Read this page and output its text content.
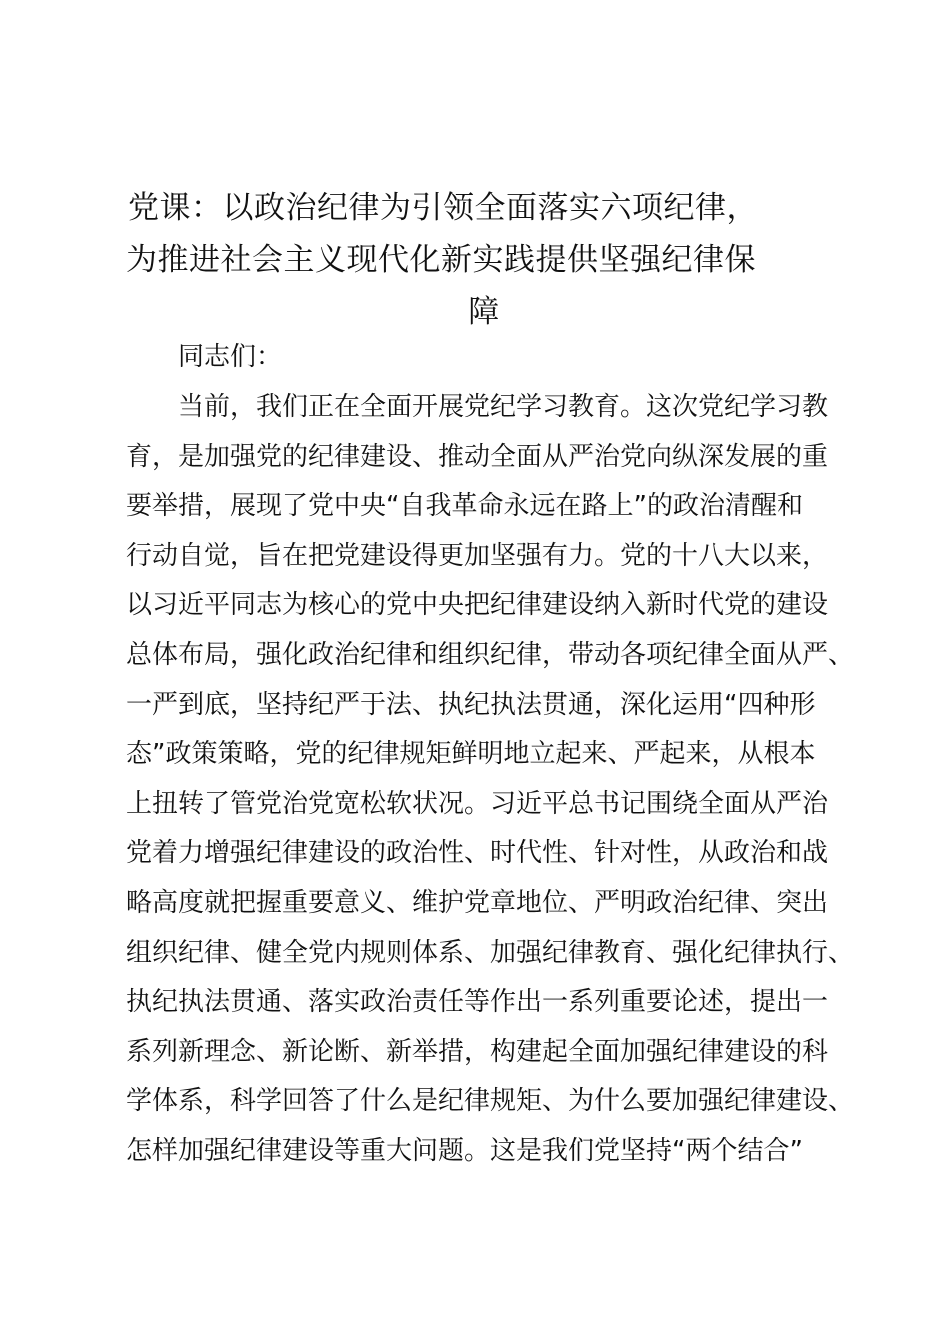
党课：以政治纪律为引领全面落实六项纪律，
为推进社会主义现代化新实践提供坚强纪律保
障

同志们：

当前，我们正在全面开展党纪学习教育。这次党纪学习教
育，是加强党的纪律建设、推动全面从严治党向纵深发展的重
要举措，展现了党中央“自我革命永远在路上”的政治清醒和
行动自觉，旨在把党建设得更加坚强有力。党的十八大以来，
以习近平同志为核心的党中央把纪律建设纳入新时代党的建设
总体布局，强化政治纪律和组织纪律，带动各项纪律全面从严、
一严到底，坚持纪严于法、执纪执法贯通，深化运用“四种形
态”政策策略，党的纪律规矩鲜明地立起来、严起来，从根本
上扭转了管党治党宽松软状况。习近平总书记围绕全面从严治
党着力增强纪律建设的政治性、时代性、针对性，从政治和战
略高度就把握重要意义、维护党章地位、严明政治纪律、突出
组织纪律、健全党内规则体系、加强纪律教育、强化纪律执行、
执纪执法贯通、落实政治责任等作出一系列重要论述，提出一
系列新理念、新论断、新举措，构建起全面加强纪律建设的科
学体系，科学回答了什么是纪律规矩、为什么要加强纪律建设、
怎样加强纪律建设等重大问题。这是我们党坚持“两个结合”
